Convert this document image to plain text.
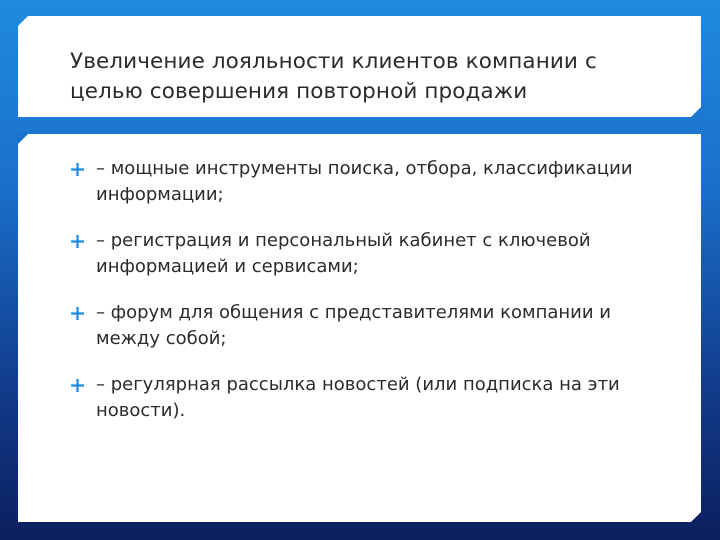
Увеличение лояльности клиентов компании с целью совершения повторной продажи
– мощные инструменты поиска, отбора, классификации информации;
– регистрация и персональный кабинет с ключевой информацией и сервисами;
– форум для общения с представителями компании и между собой;
– регулярная рассылка новостей (или подписка на эти новости).
